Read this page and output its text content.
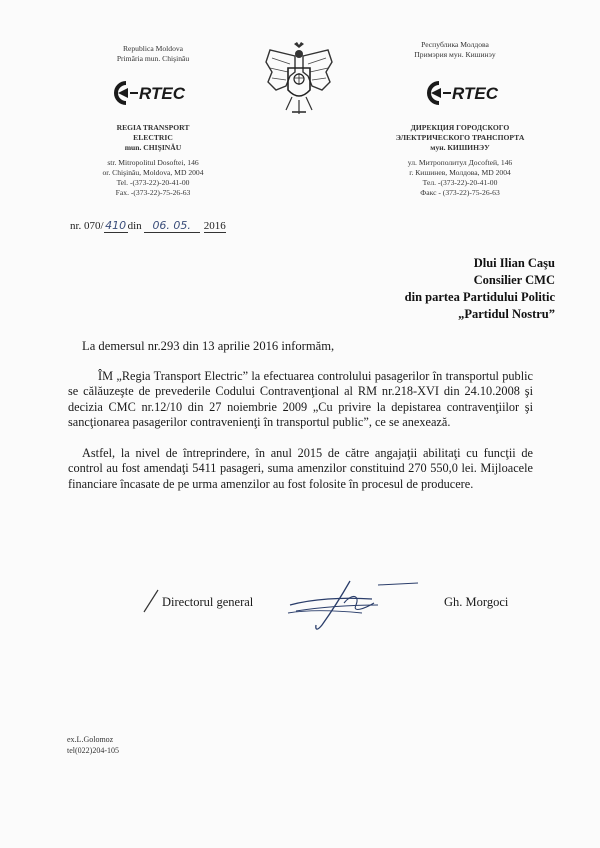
Republica Moldova
Primăria mun. Chişinău
RTEC
REGIA TRANSPORT
ELECTRIC
mun. CHIŞINĂU
str. Mitropolitul Dosoftei, 146
or. Chişinău, Moldova, MD 2004
Tel. -(373-22)-20-41-00
Fax. -(373-22)-75-26-63
Республика Молдова
Примэрия мун. Кишинэу
RTEC
ДИРЕКЦИЯ ГОРОДСКОГО
ЭЛЕКТРИЧЕСКОГО ТРАНСПОРТА
мун. КИШИНЭУ
ул. Митрополитул Досоftей, 146
г. Кишинев, Молдова, MD 2004
Тел. -(373-22)-20-41-00
Факс - (373-22)-75-26-63
nr. 070/ 410 din 06. 05. 2016
Dlui Ilian Caşu
Consilier CMC
din partea Partidului Politic
„Partidul Nostru”
La demersul nr.293 din 13 aprilie 2016 informăm,
ÎM „Regia Transport Electric” la efectuarea controlului pasagerilor în transportul public se călăuzeşte de prevederile Codului Contravenţional al RM nr.218-XVI din 24.10.2008 şi decizia CMC nr.12/10 din 27 noiembrie 2009 „Cu privire la depistarea contravenţiilor şi sancţionarea pasagerilor contravenienţi în transportul public”, ce se anexează.
Astfel, la nivel de întreprindere, în anul 2015 de către angajaţii abilitaţi cu funcţii de control au fost amendaţi 5411 pasageri, suma amenzilor constituind 270 550,0 lei. Mijloacele financiare încasate de pe urma amenzilor au fost folosite în procesul de producere.
Directorul general	Gh. Morgoci
ex.L.Golomoz
tel(022)204-105
